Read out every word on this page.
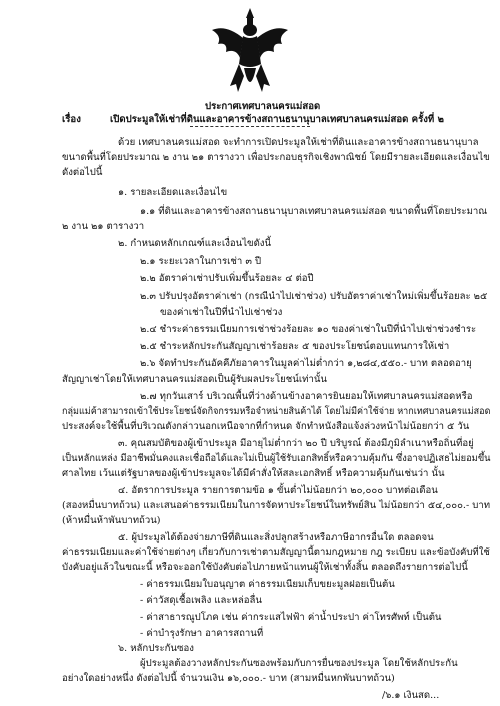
ประกาศเทศบาลนครแม่สอด
เรื่อง	เปิดประมูลให้เช่าที่ดินและอาคารข้างสถานธนานุบาลเทศบาลนครแม่สอด ครั้งที่ ๒
ด้วย เทศบาลนครแม่สอด จะทำการเปิดประมูลให้เช่าที่ดินและอาคารข้างสถานธนานุบาล
ขนาดพื้นที่โดยประมาณ ๒ งาน ๒๑ ตารางวา เพื่อประกอบธุรกิจเชิงพาณิชย์ โดยมีรายละเอียดและเงื่อนไข
ดังต่อไปนี้
๑. รายละเอียดและเงื่อนไข
๑.๑ ที่ดินและอาคารข้างสถานธนานุบาลเทศบาลนครแม่สอด ขนาดพื้นที่โดยประมาณ
๒ งาน ๒๑ ตารางวา
๒. กำหนดหลักเกณฑ์และเงื่อนไขดังนี้
๒.๑ ระยะเวลาในการเช่า ๓ ปี
๒.๒ อัตราค่าเช่าปรับเพิ่มขึ้นร้อยละ ๔ ต่อปี
๒.๓ ปรับปรุงอัตราค่าเช่า (กรณีนำไปเช่าช่วง) ปรับอัตราค่าเช่าใหม่เพิ่มขึ้นร้อยละ ๒๕
ของค่าเช่าในปีที่นำไปเช่าช่วง
๒.๔ ชำระค่าธรรมเนียมการเช่าช่วงร้อยละ ๑๐ ของค่าเช่าในปีที่นำไปเช่าช่วงชำระ
๒.๕ ชำระหลักประกันสัญญาเช่าร้อยละ ๕ ของประโยชน์ตอบแทนการให้เช่า
๒.๖ จัดทำประกันอัคคีภัยอาคารในมูลค่าไม่ต่ำกว่า ๑,๒๘๔,๕๕๐.- บาท ตลอดอายุ
สัญญาเช่าโดยให้เทศบาลนครแม่สอดเป็นผู้รับผลประโยชน์เท่านั้น
๒.๗ ทุกวันเสาร์ บริเวณพื้นที่ว่างด้านข้างอาคารยินยอมให้เทศบาลนครแม่สอดหรือ
กลุ่มแม่ค้าสามารถเข้าใช้ประโยชน์จัดกิจกรรมหรือจำหน่ายสินค้าได้ โดยไม่มีค่าใช้จ่าย หากเทศบาลนครแม่สอด
ประสงค์จะใช้พื้นที่บริเวณดังกล่าวนอกเหนือจากที่กำหนด จักทำหนังสือแจ้งล่วงหน้าไม่น้อยกว่า ๕ วัน
๓. คุณสมบัติของผู้เข้าประมูล มีอายุไม่ต่ำกว่า ๒๐ ปี บริบูรณ์ ต้องมีภูมิลำเนาหรือถิ่นที่อยู่
เป็นหลักแหล่ง มีอาชีพมั่นคงและเชื่อถือได้และไม่เป็นผู้ใช้รับเอกสิทธิ์หรือความคุ้มกัน ซึ่งอาจปฏิเสธไม่ยอมขึ้น
ศาลไทย เว้นแต่รัฐบาลของผู้เข้าประมูลจะได้มีคำสั่งให้สละเอกสิทธิ์ หรือความคุ้มกันเช่นว่า นั้น
๔. อัตราการประมูล รายการตามข้อ ๑ ขั้นต่ำไม่น้อยกว่า ๒๐,๐๐๐ บาทต่อเดือน
(สองหมื่นบาทถ้วน) และเสนอค่าธรรมเนียมในการจัดหาประโยชน์ในทรัพย์สิน ไม่น้อยกว่า ๕๔,๐๐๐.- บาท
(ห้าหมื่นห้าพันบาทถ้วน)
๕. ผู้ประมูลได้ต้องจ่ายภาษีที่ดินและสิ่งปลูกสร้างหรือภาษีอากรอื่นใด ตลอดจน
ค่าธรรมเนียมและค่าใช้จ่ายต่างๆ เกี่ยวกับการเช่าตามสัญญานี้ตามกฎหมาย กฎ ระเบียบ และข้อบังคับที่ใช้
บังคับอยู่แล้วในขณะนี้ หรือจะออกใช้บังคับต่อไปภายหน้าแทนผู้ให้เช่าทั้งสิ้น ตลอดถึงรายการต่อไปนี้
- ค่าธรรมเนียมใบอนุญาต ค่าธรรมเนียมเก็บขยะมูลฝอยเป็นต้น
- ค่าวัสดุเชื้อเพลิง และหล่อลื่น
- ค่าสาธารณูปโภค เช่น ค่ากระแสไฟฟ้า ค่าน้ำประปา ค่าโทรศัพท์ เป็นต้น
- ค่าบำรุงรักษา อาคารสถานที่
๖. หลักประกันซอง
ผู้ประมูลต้องวางหลักประกันซองพร้อมกับการยื่นซองประมูล โดยใช้หลักประกัน
อย่างใดอย่างหนึ่ง ดังต่อไปนี้ จำนวนเงิน ๑๖,๐๐๐.- บาท (สามหมื่นหกพันบาทถ้วน)
/๖.๑ เงินสด...
